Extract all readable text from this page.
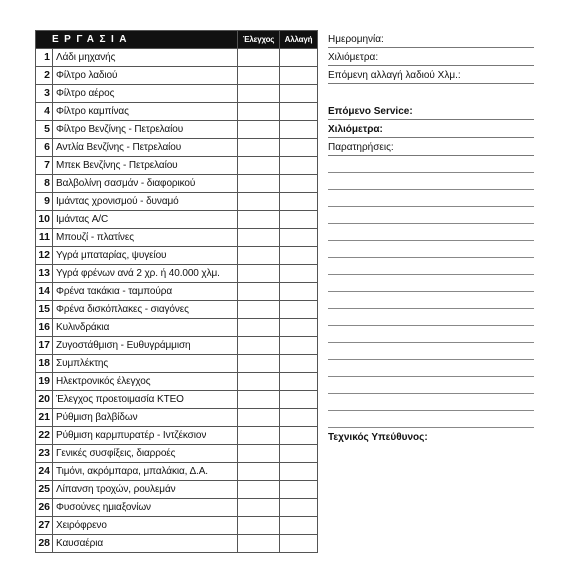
ΕΡΓΑΣΙΑ		Έλεγχος	Αλλαγή
1	Λάδι μηχανής		
2	Φίλτρο λαδιού		
3	Φίλτρο αέρος		
4	Φίλτρο καμπίνας		
5	Φίλτρο Βενζίνης - Πετρελαίου		
6	Αντλία Βενζίνης - Πετρελαίου		
7	Μπεκ Βενζίνης - Πετρελαίου		
8	Βαλβολίνη σασμάν - διαφορικού		
9	Ιμάντας χρονισμού - δυναμό		
10	Ιμάντας A/C		
11	Μπουζί - πλατίνες		
12	Υγρά μπαταρίας, ψυγείου		
13	Υγρά φρένων ανά 2 χρ. ή 40.000 χλμ.		
14	Φρένα τακάκια - ταμπούρα		
15	Φρένα δισκόπλακες - σιαγόνες		
16	Κυλινδράκια		
17	Ζυγοστάθμιση - Ευθυγράμμιση		
18	Συμπλέκτης		
19	Ηλεκτρονικός έλεγχος		
20	Έλεγχος προετοιμασία ΚΤΕΟ		
21	Ρύθμιση βαλβίδων		
22	Ρύθμιση καρμπυρατέρ - Ιντζέκσιον		
23	Γενικές συσφίξεις, διαρροές		
24	Τιμόνι, ακρόμπαρα, μπαλάκια, Δ.Α.		
25	Λίπανση τροχών, ρουλεμάν		
26	Φυσούνες ημιαξονίων		
27	Χειρόφρενο		
28	Καυσαέρια		
Ημερομηνία:
Χιλιόμετρα:
Επόμενη αλλαγή λαδιού Χλμ.:
Επόμενο Service:
Χιλιόμετρα:
Παρατηρήσεις:
Τεχνικός Υπεύθυνος:
